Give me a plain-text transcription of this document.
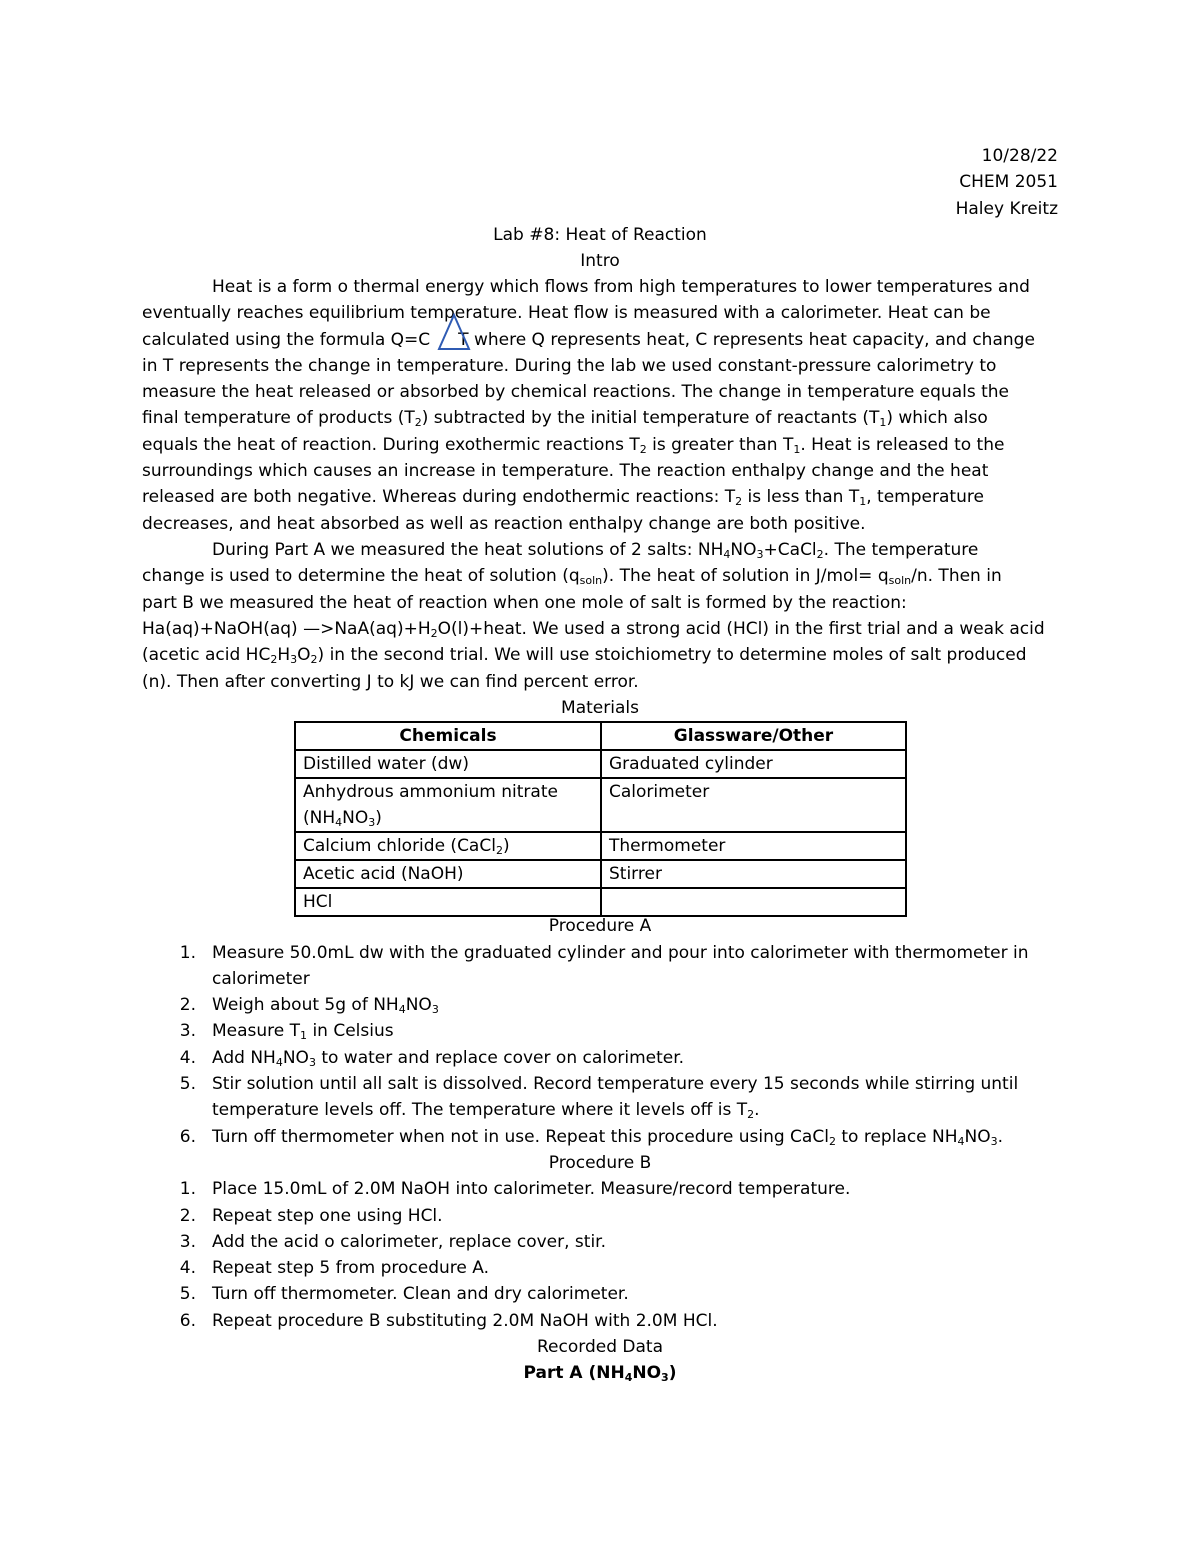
10/28/22
CHEM 2051
Haley Kreitz
Lab #8: Heat of Reaction
Intro
Heat is a form o thermal energy which flows from high temperatures to lower temperatures and
eventually reaches equilibrium temperature. Heat flow is measured with a calorimeter. Heat can be
calculated using the formula Q=C T where Q represents heat, C represents heat capacity, and change
in T represents the change in temperature. During the lab we used constant-pressure calorimetry to
measure the heat released or absorbed by chemical reactions. The change in temperature equals the
final temperature of products $(T_2)$ subtracted by the initial temperature of reactants $(T_1)$ which also
equals the heat of reaction. During exothermic reactions $T_2$ is greater than $T_1$. Heat is released to the
surroundings which causes an increase in temperature. The reaction enthalpy change and the heat
released are both negative. Whereas during endothermic reactions: $T_2$ is less than $T_1$, temperature
decreases, and heat absorbed as well as reaction enthalpy change are both positive.
During Part A we measured the heat solutions of 2 salts: $NH_4NO_3+CaCl_2$. The temperature
change is used to determine the heat of solution $(q_{soln})$. The heat of solution in $J/mol= q_{soln}/n$. Then in
part B we measured the heat of reaction when one mole of salt is formed by the reaction:
Ha(aq)+NaOH(aq) $—>NaA(aq)+H_2O(l)+heat$. We used a strong acid (HCl) in the first trial and a weak acid
(acetic acid $HC_2H_3O_2$) in the second trial. We will use stoichiometry to determine moles of salt produced
(n). Then after converting J to kJ we can find percent error.
Materials
Chemicals	Glassware/Other
Distilled water (dw)	Graduated cylinder
Anhydrous ammonium nitrate
$(NH_4NO_3)$	Calorimeter
Calcium chloride (CaCl$_2$)	Thermometer
Acetic acid (NaOH)	Stirrer
HCl	
Procedure A
1. Measure 50.0mL dw with the graduated cylinder and pour into calorimeter with thermometer in
calorimeter
2. Weigh about 5g of $NH_4NO_3$
3. Measure $T_1$ in Celsius
4. Add $NH_4NO_3$ to water and replace cover on calorimeter.
5. Stir solution until all salt is dissolved. Record temperature every 15 seconds while stirring until
temperature levels off. The temperature where it levels off is $T_2$.
6. Turn off thermometer when not in use. Repeat this procedure using CaCl$_2$ to replace $NH_4NO_3$.
Procedure B
1. Place 15.0mL of 2.0M NaOH into calorimeter. Measure/record temperature.
2. Repeat step one using HCl.
3. Add the acid o calorimeter, replace cover, stir.
4. Repeat step 5 from procedure A.
5. Turn off thermometer. Clean and dry calorimeter.
6. Repeat procedure B substituting 2.0M NaOH with 2.0M HCl.
Recorded Data
Part A $(NH_4NO_3)$
